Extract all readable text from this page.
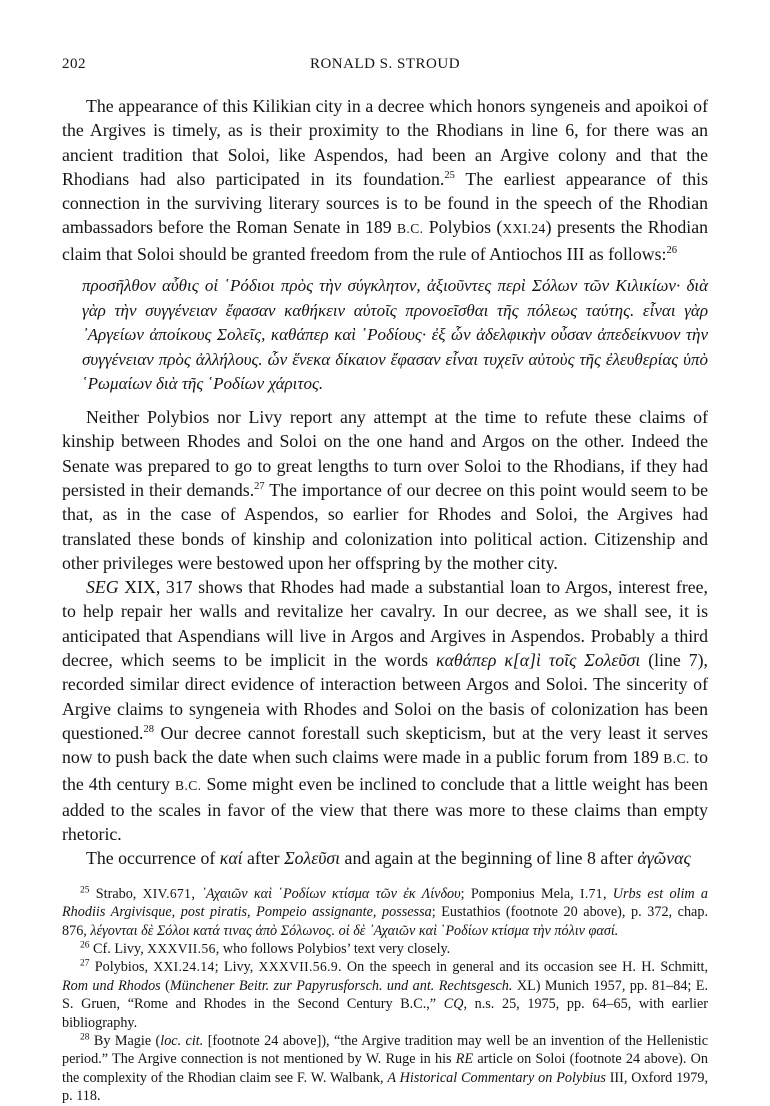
202	RONALD S. STROUD

The appearance of this Kilikian city in a decree which honors syngeneis and apoikoi of the Argives is timely, as is their proximity to the Rhodians in line 6, for there was an ancient tradition that Soloi, like Aspendos, had been an Argive colony and that the Rhodians had also participated in its foundation.$^{25}$ The earliest appearance of this connection in the surviving literary sources is to be found in the speech of the Rhodian ambassadors before the Roman Senate in 189 B.C. Polybios (XXI.24) presents the Rhodian claim that Soloi should be granted freedom from the rule of Antiochos III as follows:$^{26}$

προσῆλθον αὖθις οἱ ῾Ρόδιοι πρὸς τὴν σύγκλητον, ἀξιοῦντες περὶ Σόλων τῶν Κιλικίων· διὰ γὰρ τὴν συγγένειαν ἔφασαν καθήκειν αὑτοῖς προνοεῖσθαι τῆς πόλεως ταύτης. εἶναι γὰρ ᾽Αργείων ἀποίκους Σολεῖς, καθάπερ καὶ ῾Ροδίους· ἐξ ὧν ἀδελφικὴν οὖσαν ἀπεδείκνυον τὴν συγγένειαν πρὸς ἀλλήλους. ὧν ἕνεκα δίκαιον ἔφασαν εἶναι τυχεῖν αὐτοὺς τῆς ἐλευθερίας ὑπὸ ῾Ρωμαίων διὰ τῆς ῾Ροδίων χάριτος.

Neither Polybios nor Livy report any attempt at the time to refute these claims of kinship between Rhodes and Soloi on the one hand and Argos on the other. Indeed the Senate was prepared to go to great lengths to turn over Soloi to the Rhodians, if they had persisted in their demands.$^{27}$ The importance of our decree on this point would seem to be that, as in the case of Aspendos, so earlier for Rhodes and Soloi, the Argives had translated these bonds of kinship and colonization into political action. Citizenship and other privileges were bestowed upon her offspring by the mother city.

SEG XIX, 317 shows that Rhodes had made a substantial loan to Argos, interest free, to help repair her walls and revitalize her cavalry. In our decree, as we shall see, it is anticipated that Aspendians will live in Argos and Argives in Aspendos. Probably a third decree, which seems to be implicit in the words καθάπερ κ[α]ὶ τοῖς Σολεῦσι (line 7), recorded similar direct evidence of interaction between Argos and Soloi. The sincerity of Argive claims to syngeneia with Rhodes and Soloi on the basis of colonization has been questioned.$^{28}$ Our decree cannot forestall such skepticism, but at the very least it serves now to push back the date when such claims were made in a public forum from 189 B.C. to the 4th century B.C. Some might even be inclined to conclude that a little weight has been added to the scales in favor of the view that there was more to these claims than empty rhetoric.

The occurrence of καί after Σολεῦσι and again at the beginning of line 8 after ἀγῶνας

$^{25}$ Strabo, XIV.671, ᾽Αχαιῶν καὶ ῾Ροδίων κτίσμα τῶν ἐκ Λίνδου; Pomponius Mela, I.71, Urbs est olim a Rhodiis Argivisque, post piratis, Pompeio assignante, possessa; Eustathios (footnote 20 above), p. 372, chap. 876, λέγονται δὲ Σόλοι κατά τινας ἀπὸ Σόλωνος. οἱ δὲ ᾽Αχαιῶν καὶ ῾Ροδίων κτίσμα τὴν πόλιν φασί.

$^{26}$ Cf. Livy, XXXVII.56, who follows Polybios’ text very closely.

$^{27}$ Polybios, XXI.24.14; Livy, XXXVII.56.9. On the speech in general and its occasion see H. H. Schmitt, Rom und Rhodos (Münchener Beitr. zur Papyrusforsch. und ant. Rechtsgesch. XL) Munich 1957, pp. 81–84; E. S. Gruen, “Rome and Rhodes in the Second Century B.C.,” CQ, n.s. 25, 1975, pp. 64–65, with earlier bibliography.

$^{28}$ By Magie (loc. cit. [footnote 24 above]), “the Argive tradition may well be an invention of the Hellenistic period.” The Argive connection is not mentioned by W. Ruge in his RE article on Soloi (footnote 24 above). On the complexity of the Rhodian claim see F. W. Walbank, A Historical Commentary on Polybius III, Oxford 1979, p. 118.
